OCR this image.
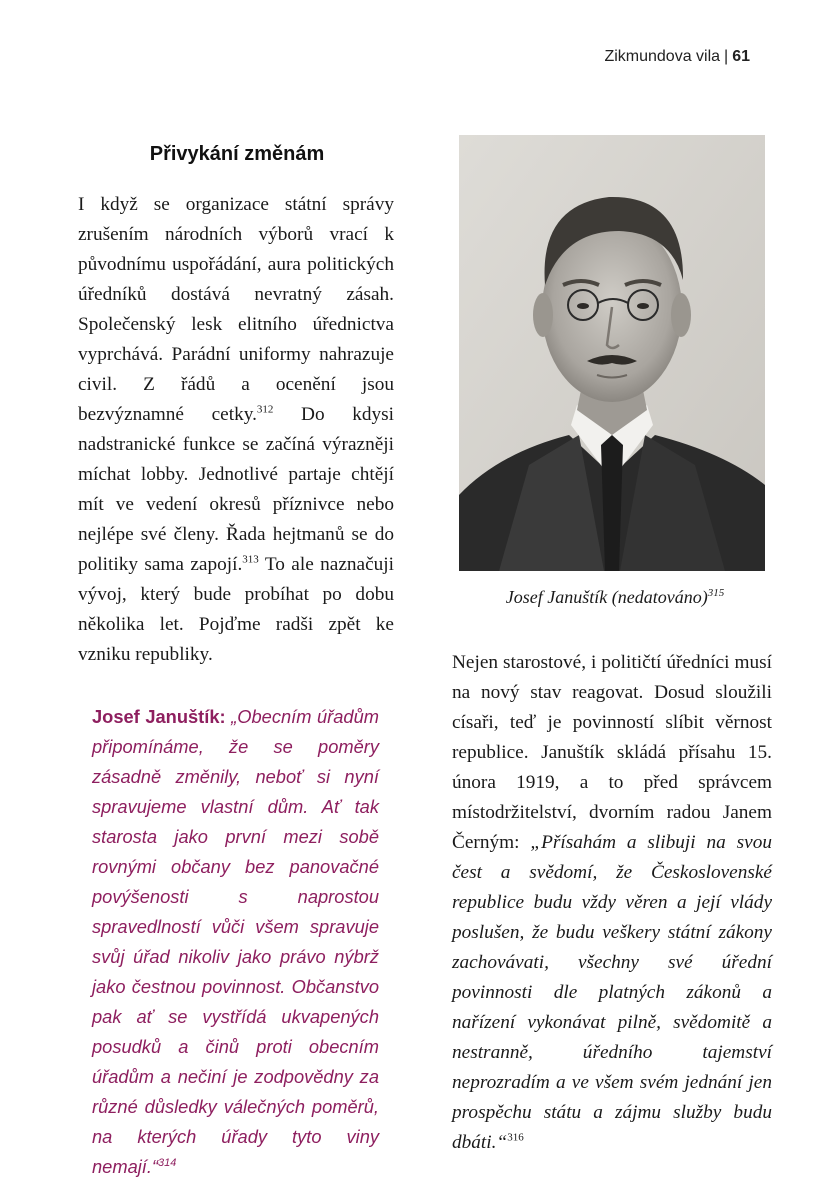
Zikmundova vila | 61
Přivykání změnám

I když se organizace státní správy zrušením národních výborů vrací k původnímu uspořádání, aura politických úředníků dostává nevratný zásah. Společenský lesk elitního úřednictva vyprchává. Parádní uniformy nahrazuje civil. Z řádů a ocenění jsou bezvýznamné cetky.$^{312}$ Do kdysi nadstranické funkce se začíná výrazněji míchat lobby. Jednotlivé partaje chtějí mít ve vedení okresů příznivce nebo nejlépe své členy. Řada hejtmanů se do politiky sama zapojí.$^{313}$ To ale naznačuji vývoj, který bude probíhat po dobu několika let. Pojďme radši zpět ke vzniku republiky.

Josef Januštík: „Obecním úřadům připomínáme, že se poměry zásadně změnily, neboť si nyní spravujeme vlastní dům. Ať tak starosta jako první mezi sobě rovnými občany bez panovačné povýšenosti s naprostou spravedlností vůči všem spravuje svůj úřad nikoliv jako právo nýbrž jako čestnou povinnost. Občanstvo pak ať se vystřídá ukvapených posudků a činů proti obecním úřadům a nečiní je zodpovědny za různé důsledky válečných poměrů, na kterých úřady tyto viny nemají.“$^{314}$

Josef Januštík (nedatováno)$^{315}$

Nejen starostové, i političtí úředníci musí na nový stav reagovat. Dosud sloužili císaři, teď je povinností slíbit věrnost republice. Januštík skládá přísahu 15. února 1919, a to před správcem místodržitelství, dvorním radou Janem Černým: „Přísahám a slibuji na svou čest a svědomí, že Československé republice budu vždy věren a její vlády poslušen, že budu veškery státní zákony zachovávati, všechny své úřední povinnosti dle platných zákonů a nařízení vykonávat pilně, svědomitě a nestranně, úředního tajemství neprozradím a ve všem svém jednání jen prospěchu státu a zájmu služby budu dbáti.“$^{316}$
